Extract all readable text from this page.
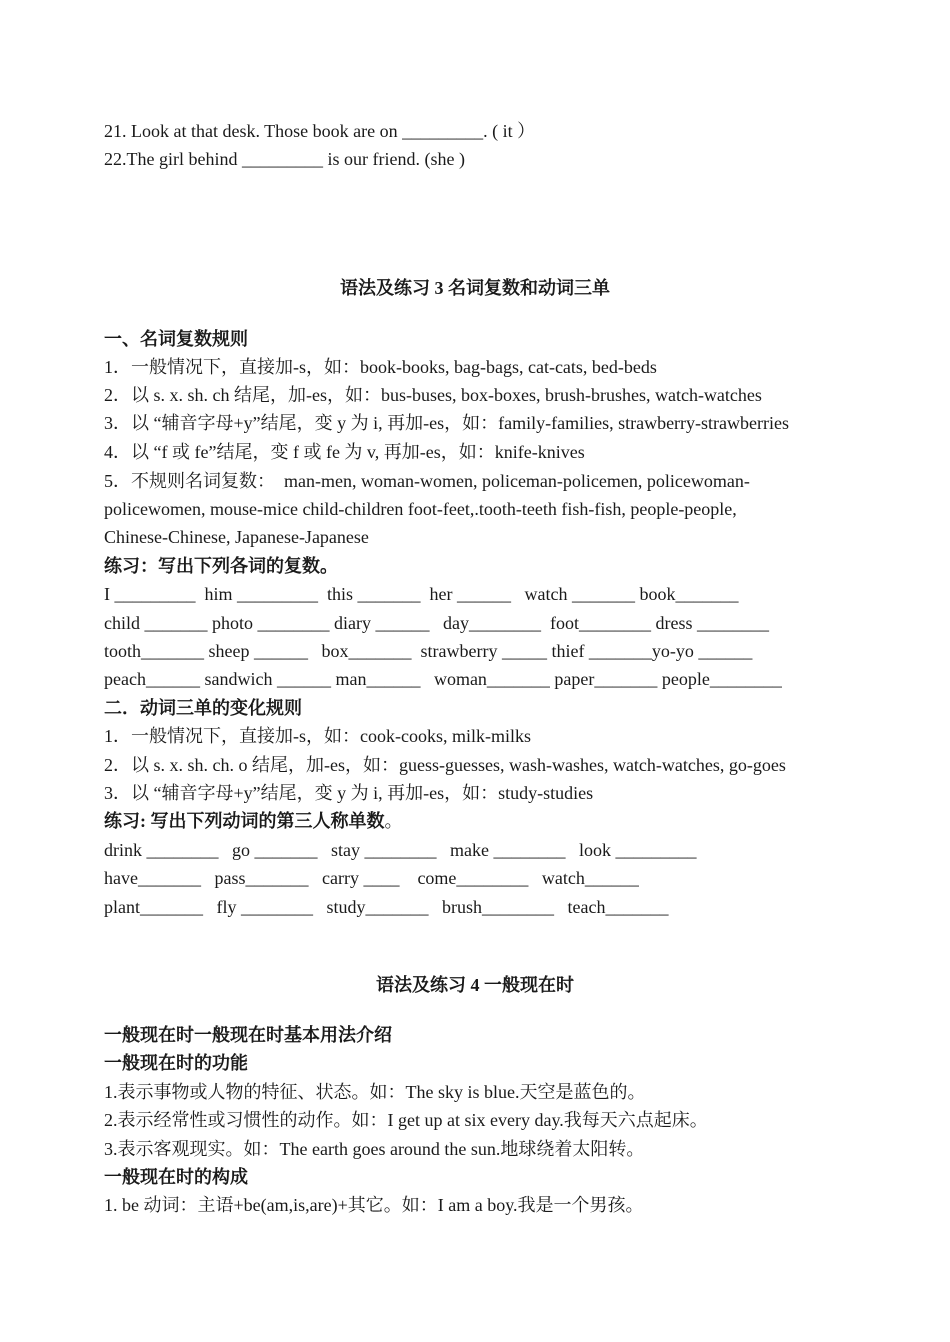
21. Look at that desk. Those book are on _________. ( it ）
22.The girl behind _________ is our friend. (she )
语法及练习 3 名词复数和动词三单
一、名词复数规则
1．一般情况下，直接加-s，如：book-books, bag-bags, cat-cats, bed-beds
2．以 s. x. sh. ch 结尾，加-es，如：bus-buses, box-boxes, brush-brushes, watch-watches
3．以 “辅音字母+y”结尾，变 y 为 i, 再加-es，如：family-families, strawberry-strawberries
4．以 “f 或 fe”结尾，变 f 或 fe 为 v, 再加-es，如：knife-knives
5．不规则名词复数：  man-men, woman-women, policeman-policemen, policewoman-
policewomen, mouse-mice child-children foot-feet,.tooth-teeth fish-fish, people-people,
Chinese-Chinese, Japanese-Japanese
练习：写出下列各词的复数。
I _________  him _________  this _______  her ______   watch _______ book_______
child _______ photo ________ diary ______   day________  foot________ dress ________
tooth_______ sheep ______   box_______  strawberry _____ thief _______yo-yo ______
peach______ sandwich ______ man______   woman_______ paper_______ people________
二．动词三单的变化规则
1．一般情况下，直接加-s，如：cook-cooks, milk-milks
2．以 s. x. sh. ch. o 结尾，加-es，如：guess-guesses, wash-washes, watch-watches, go-goes
3．以 “辅音字母+y”结尾，变 y 为 i, 再加-es，如：study-studies
练习: 写出下列动词的第三人称单数。
drink ________   go _______   stay ________   make ________   look _________
have_______   pass_______   carry ____    come________   watch______
plant_______   fly ________   study_______   brush________   teach_______
语法及练习 4 一般现在时
一般现在时一般现在时基本用法介绍
一般现在时的功能
1.表示事物或人物的特征、状态。如：The sky is blue.天空是蓝色的。
2.表示经常性或习惯性的动作。如：I get up at six every day.我每天六点起床。
3.表示客观现实。如：The earth goes around the sun.地球绕着太阳转。
一般现在时的构成
1. be 动词：主语+be(am,is,are)+其它。如：I am a boy.我是一个男孩。
